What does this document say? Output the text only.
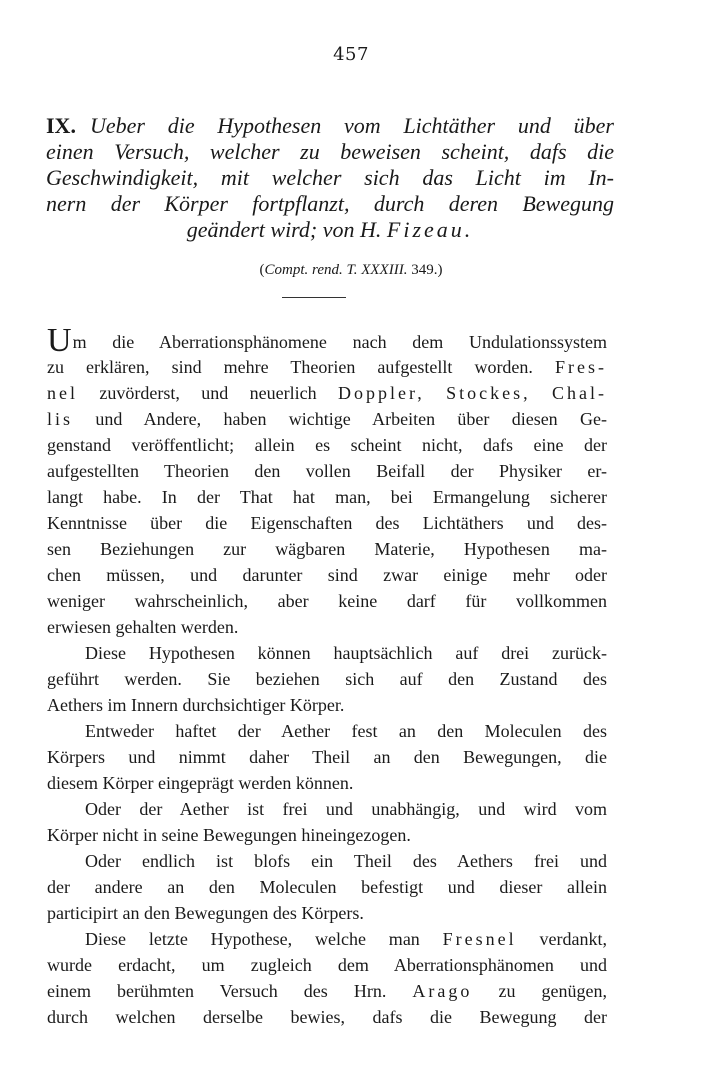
457
IX. Ueber die Hypothesen vom Lichtäther und über
einen Versuch, welcher zu beweisen scheint, dafs die
Geschwindigkeit, mit welcher sich das Licht im In-
nern der Körper fortpflanzt, durch deren Bewegung
geändert wird; von H. Fizeau.
(Compt. rend. T. XXXIII. 349.)
Um die Aberrationsphänomene nach dem Undulationssystem
zu erklären, sind mehre Theorien aufgestellt worden. Fres-
nel zuvörderst, und neuerlich Doppler, Stockes, Chal-
lis und Andere, haben wichtige Arbeiten über diesen Ge-
genstand veröffentlicht; allein es scheint nicht, dafs eine der
aufgestellten Theorien den vollen Beifall der Physiker er-
langt habe. In der That hat man, bei Ermangelung sicherer
Kenntnisse über die Eigenschaften des Lichtäthers und des-
sen Beziehungen zur wägbaren Materie, Hypothesen ma-
chen müssen, und darunter sind zwar einige mehr oder
weniger wahrscheinlich, aber keine darf für vollkommen
erwiesen gehalten werden.
Diese Hypothesen können hauptsächlich auf drei zurück-
geführt werden. Sie beziehen sich auf den Zustand des
Aethers im Innern durchsichtiger Körper.
Entweder haftet der Aether fest an den Moleculen des
Körpers und nimmt daher Theil an den Bewegungen, die
diesem Körper eingeprägt werden können.
Oder der Aether ist frei und unabhängig, und wird vom
Körper nicht in seine Bewegungen hineingezogen.
Oder endlich ist blofs ein Theil des Aethers frei und
der andere an den Moleculen befestigt und dieser allein
participirt an den Bewegungen des Körpers.
Diese letzte Hypothese, welche man Fresnel verdankt,
wurde erdacht, um zugleich dem Aberrationsphänomen und
einem berühmten Versuch des Hrn. Arago zu genügen,
durch welchen derselbe bewies, dafs die Bewegung der
